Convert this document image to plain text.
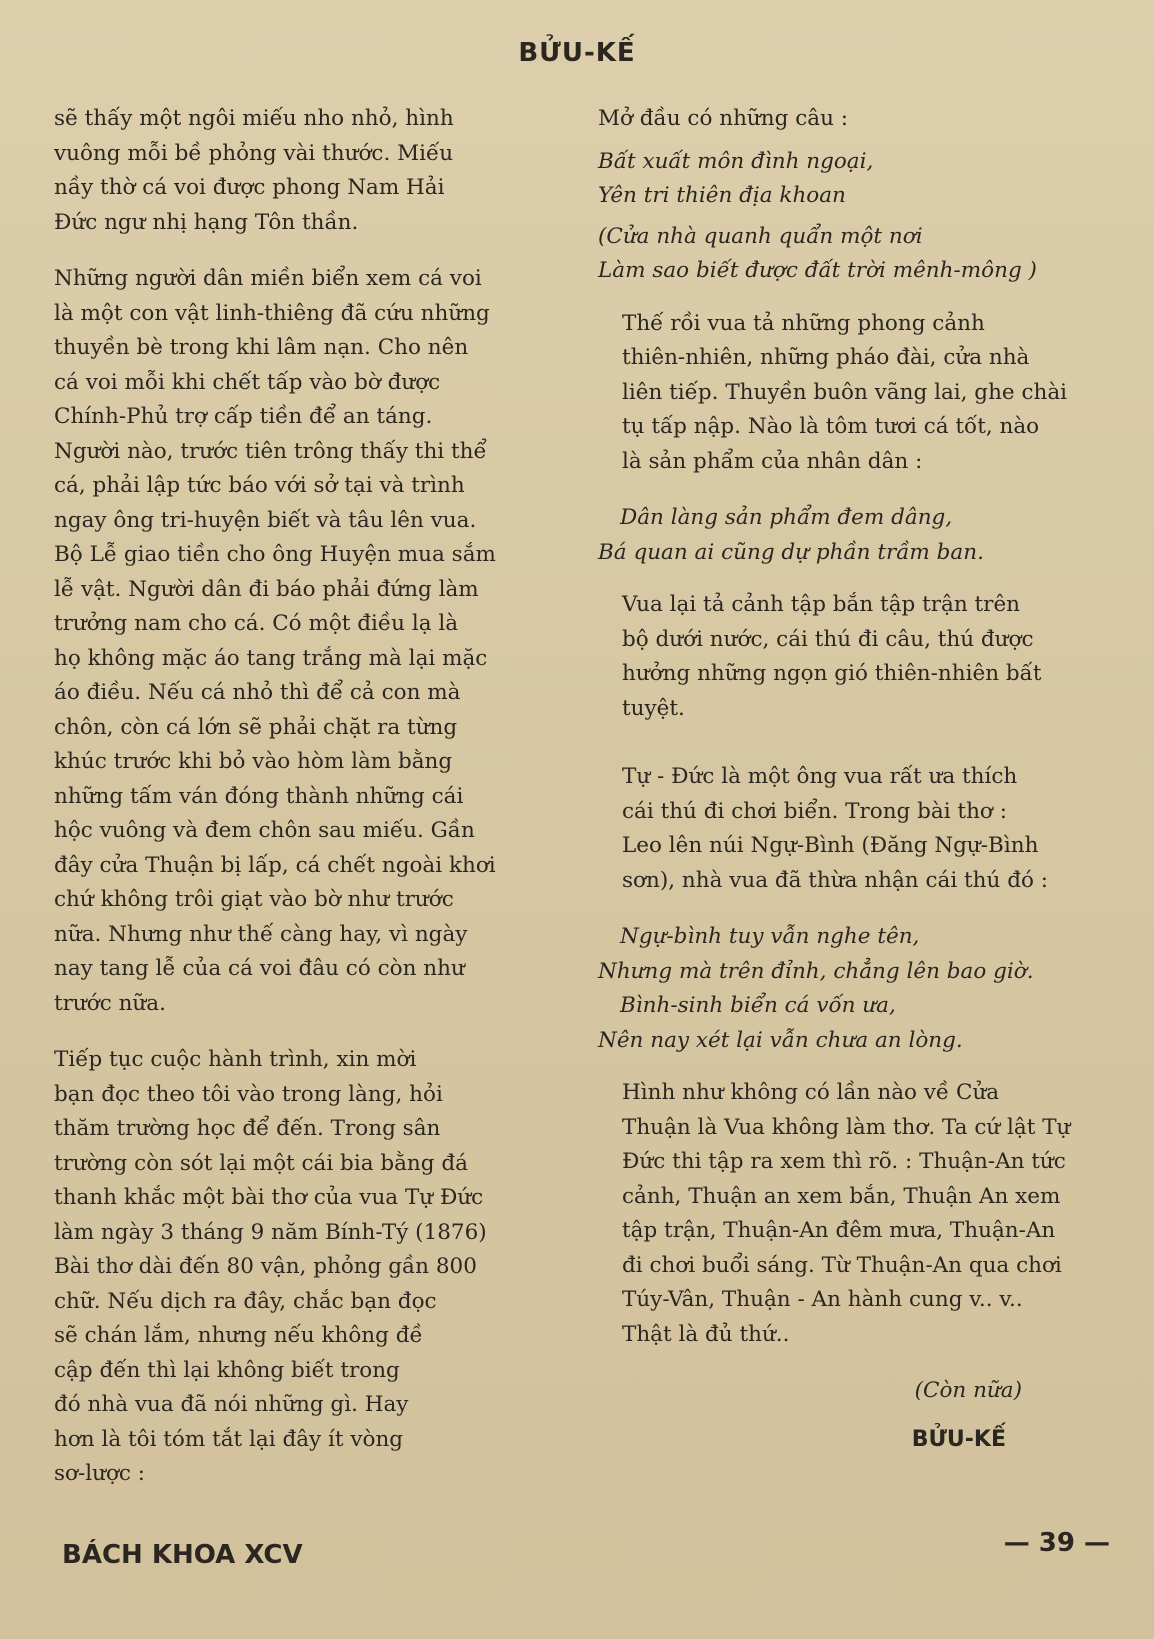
BỬU-KẾ
sẽ thấy một ngôi miếu nho nhỏ, hình
vuông mỗi bề phỏng vài thước. Miếu
nầy thờ cá voi được phong Nam Hải
Đức ngư nhị hạng Tôn thần.
Những người dân miền biển xem cá voi
là một con vật linh-thiêng đã cứu những
thuyền bè trong khi lâm nạn. Cho nên
cá voi mỗi khi chết tấp vào bờ được
Chính-Phủ trợ cấp tiền để an táng.
Người nào, trước tiên trông thấy thi thể
cá, phải lập tức báo với sở tại và trình
ngay ông tri-huyện biết và tâu lên vua.
Bộ Lễ giao tiền cho ông Huyện mua sắm
lễ vật. Người dân đi báo phải đứng làm
trưởng nam cho cá. Có một điều lạ là
họ không mặc áo tang trắng mà lại mặc
áo điều. Nếu cá nhỏ thì để cả con mà
chôn, còn cá lớn sẽ phải chặt ra từng
khúc trước khi bỏ vào hòm làm bằng
những tấm ván đóng thành những cái
hộc vuông và đem chôn sau miếu. Gần
đây cửa Thuận bị lấp, cá chết ngoài khơi
chứ không trôi giạt vào bờ như trước
nữa. Nhưng như thế càng hay, vì ngày
nay tang lễ của cá voi đâu có còn như
trước nữa.
Tiếp tục cuộc hành trình, xin mời
bạn đọc theo tôi vào trong làng, hỏi
thăm trường học để đến. Trong sân
trường còn sót lại một cái bia bằng đá
thanh khắc một bài thơ của vua Tự Đức
làm ngày 3 tháng 9 năm Bính-Tý (1876)
Bài thơ dài đến 80 vận, phỏng gần 800
chữ. Nếu dịch ra đây, chắc bạn đọc
sẽ chán lắm, nhưng nếu không đề
cập đến thì lại không biết trong
đó nhà vua đã nói những gì. Hay
hơn là tôi tóm tắt lại đây ít vòng
sơ-lược :
Mở đầu có những câu :
Bất xuất môn đình ngoại,
Yên tri thiên địa khoan
(Cửa nhà quanh quẩn một nơi
Làm sao biết được đất trời mênh-mông )
Thế rồi vua tả những phong cảnh
thiên-nhiên, những pháo đài, cửa nhà
liên tiếp. Thuyền buôn vãng lai, ghe chài
tụ tấp nập. Nào là tôm tươi cá tốt, nào
là sản phẩm của nhân dân :
Dân làng sản phẩm đem dâng,
Bá quan ai cũng dự phần trầm ban.
Vua lại tả cảnh tập bắn tập trận trên
bộ dưới nước, cái thú đi câu, thú được
hưởng những ngọn gió thiên-nhiên bất
tuyệt.
Tự - Đức là một ông vua rất ưa thích
cái thú đi chơi biển. Trong bài thơ :
Leo lên núi Ngự-Bình (Đăng Ngự-Bình
sơn), nhà vua đã thừa nhận cái thú đó :
Ngự-bình tuy vẫn nghe tên,
Nhưng mà trên đỉnh, chẳng lên bao giờ.
Bình-sinh biển cá vốn ưa,
Nên nay xét lại vẫn chưa an lòng.
Hình như không có lần nào về Cửa
Thuận là Vua không làm thơ. Ta cứ lật Tự
Đức thi tập ra xem thì rõ. : Thuận-An tức
cảnh, Thuận an xem bắn, Thuận An xem
tập trận, Thuận-An đêm mưa, Thuận-An
đi chơi buổi sáng. Từ Thuận-An qua chơi
Túy-Vân, Thuận - An hành cung v.. v..
Thật là đủ thứ..
(Còn nữa)
BỬU-KẾ
BÁCH KHOA XCV	— 39 —
